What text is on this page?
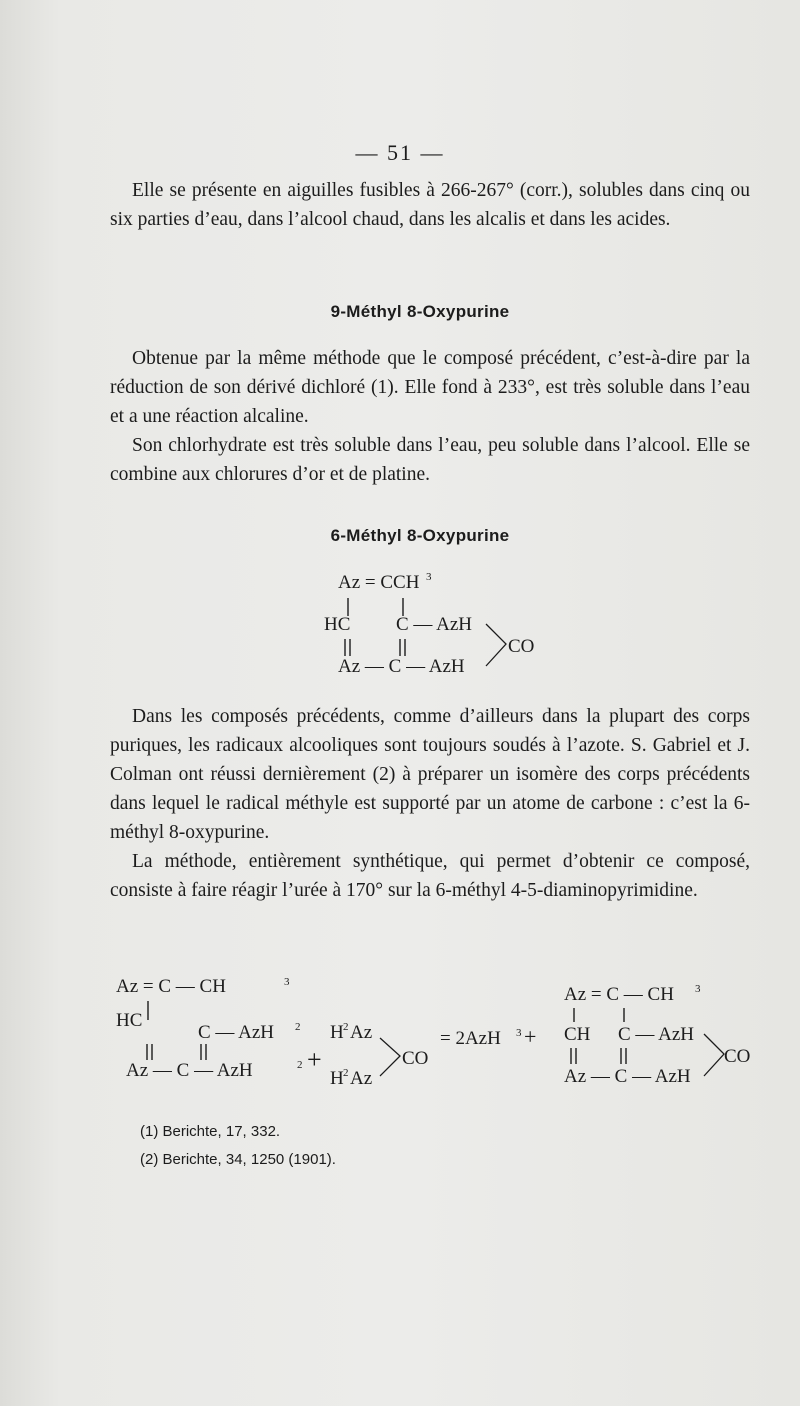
— 51 —

Elle se présente en aiguilles fusibles à 266-267° (corr.), solubles dans cinq ou six parties d’eau, dans l’alcool chaud, dans les alcalis et dans les acides.

9-Méthyl 8-Oxypurine

Obtenue par la même méthode que le composé précédent, c’est-à-dire par la réduction de son dérivé dichloré (1). Elle fond à 233°, est très soluble dans l’eau et a une réaction alcaline.

Son chlorhydrate est très soluble dans l’eau, peu soluble dans l’alcool. Elle se combine aux chlorures d’or et de platine.

6-Méthyl 8-Oxypurine
Az = CCH 3
HC C — AzH
CO
Az — C — AzH

Dans les composés précédents, comme d’ailleurs dans la plupart des corps puriques, les radicaux alcooliques sont toujours soudés à l’azote. S. Gabriel et J. Colman ont réussi dernièrement (2) à préparer un isomère des corps précédents dans lequel le radical méthyle est supporté par un atome de carbone : c’est la 6-méthyl 8-oxypurine.

La méthode, entièrement synthétique, qui permet d’obtenir ce composé, consiste à faire réagir l’urée à 170° sur la 6-méthyl 4-5-diaminopyrimidine.

Az = C — CH	3
HC
C — AzH 2
Az — C — AzH	2 +
H 2 Az
H 2 Az
CO
= 2AzH 3 +
Az = C — CH 3
CH C — AzH
CO
Az — C — AzH
(1) Berichte, 17, 332.
(2) Berichte, 34, 1250 (1901).
